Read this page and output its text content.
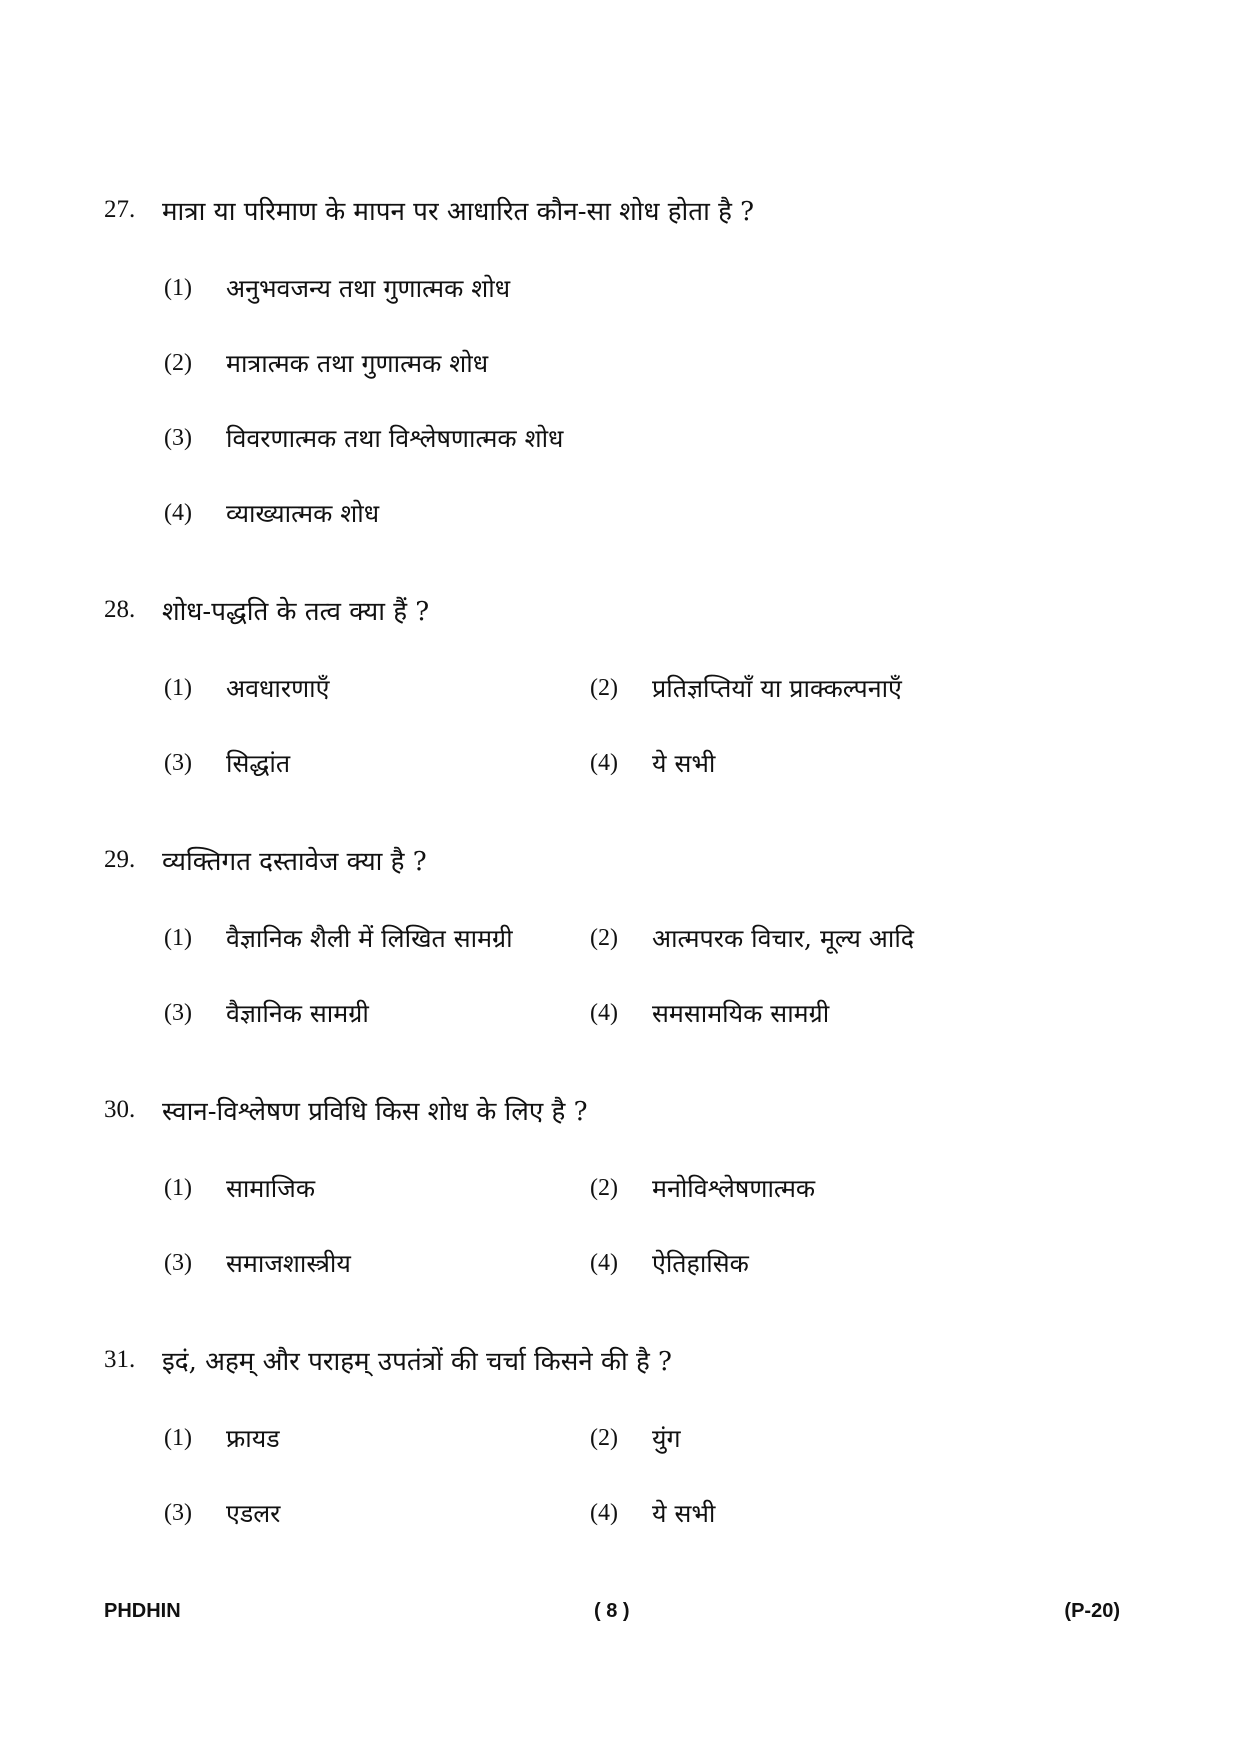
27.	मात्रा या परिमाण के मापन पर आधारित कौन-सा शोध होता है ?
(1)	अनुभवजन्य तथा गुणात्मक शोध
(2)	मात्रात्मक तथा गुणात्मक शोध
(3)	विवरणात्मक तथा विश्लेषणात्मक शोध
(4)	व्याख्यात्मक शोध
28.	शोध-पद्धति के तत्व क्या हैं ?
(1)	अवधारणाएँ	(2)	प्रतिज्ञप्तियाँ या प्राक्कल्पनाएँ
(3)	सिद्धांत	(4)	ये सभी
29.	व्यक्तिगत दस्तावेज क्या है ?
(1)	वैज्ञानिक शैली में लिखित सामग्री	(2)	आत्मपरक विचार, मूल्य आदि
(3)	वैज्ञानिक सामग्री	(4)	समसामयिक सामग्री
30.	स्वान-विश्लेषण प्रविधि किस शोध के लिए है ?
(1)	सामाजिक	(2)	मनोविश्लेषणात्मक
(3)	समाजशास्त्रीय	(4)	ऐतिहासिक
31.	इदं, अहम् और पराहम् उपतंत्रों की चर्चा किसने की है ?
(1)	फ्रायड	(2)	युंग
(3)	एडलर	(4)	ये सभी
PHDHIN	( 8 )	(P-20)
